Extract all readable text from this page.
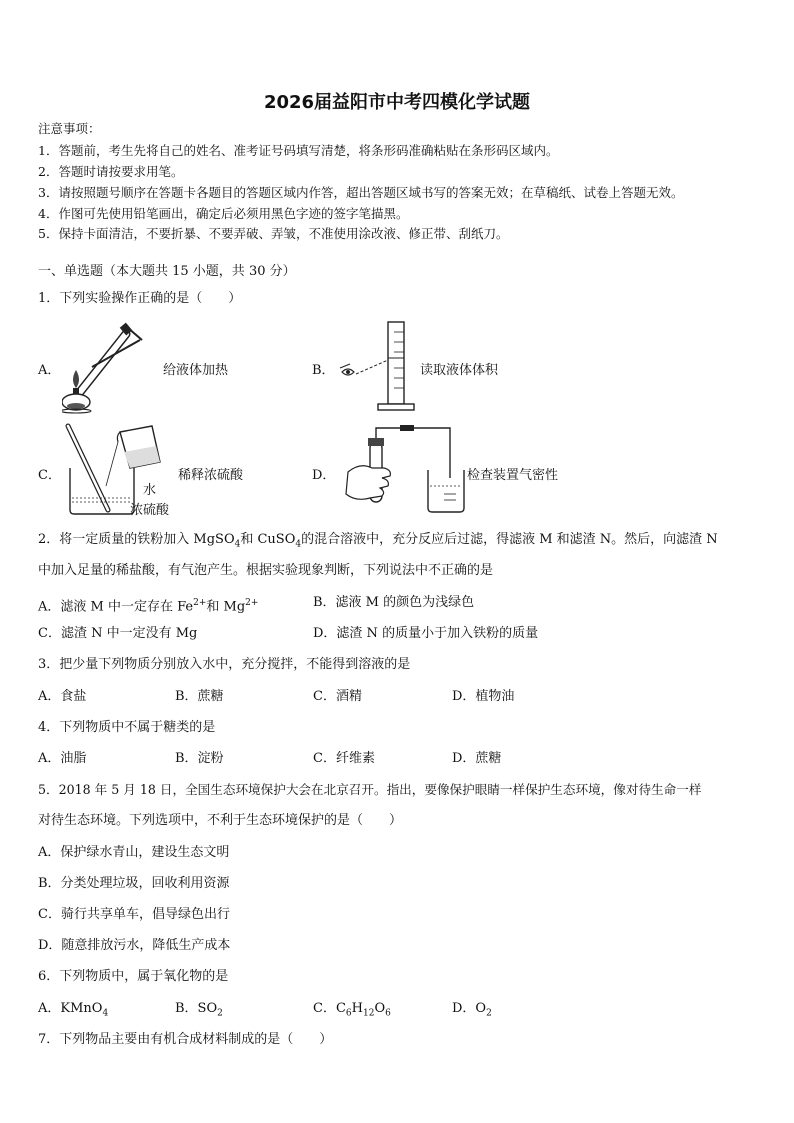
2026届益阳市中考四模化学试题
注意事项：
1．答题前，考生先将自己的姓名、准考证号码填写清楚，将条形码准确粘贴在条形码区域内。
2．答题时请按要求用笔。
3．请按照题号顺序在答题卡各题目的答题区域内作答，超出答题区域书写的答案无效；在草稿纸、试卷上答题无效。
4．作图可先使用铅笔画出，确定后必须用黑色字迹的签字笔描黑。
5．保持卡面清洁，不要折暴、不要弄破、弄皱，不准使用涂改液、修正带、刮纸刀。
一、单选题（本大题共 15 小题，共 30 分）
1．下列实验操作正确的是（　　）
A．	给液体加热	B．	读取液体体积
C．
水
浓硫酸
稀释浓硫酸	D．	检查装置气密性
2．将一定质量的铁粉加入 MgSO$_4$和 CuSO$_4$的混合溶液中，充分反应后过滤，得滤液 M 和滤渣 N。然后，向滤渣 N
中加入足量的稀盐酸，有气泡产生。根据实验现象判断，下列说法中不正确的是
A．滤液 M 中一定存在 $Fe^{2+}$和 $Mg^{2+}$	B．滤液 M 的颜色为浅绿色
C．滤渣 N 中一定没有 Mg	D．滤渣 N 的质量小于加入铁粉的质量
3．把少量下列物质分别放入水中，充分搅拌，不能得到溶液的是
A．食盐	B．蔗糖	C．酒精	D．植物油
4．下列物质中不属于糖类的是
A．油脂	B．淀粉	C．纤维素	D．蔗糖
5．2018 年 5 月 18 日，全国生态环境保护大会在北京召开。指出，要像保护眼睛一样保护生态环境，像对待生命一样
对待生态环境。下列选项中，不利于生态环境保护的是（　　）
A．保护绿水青山，建设生态文明
B．分类处理垃圾，回收利用资源
C．骑行共享单车，倡导绿色出行
D．随意排放污水，降低生产成本
6．下列物质中，属于氧化物的是
A．KMnO$_4$	B．$SO_2$	C．$C_6H_{12}O_6$	D．$O_2$
7．下列物品主要由有机合成材料制成的是（　　）
